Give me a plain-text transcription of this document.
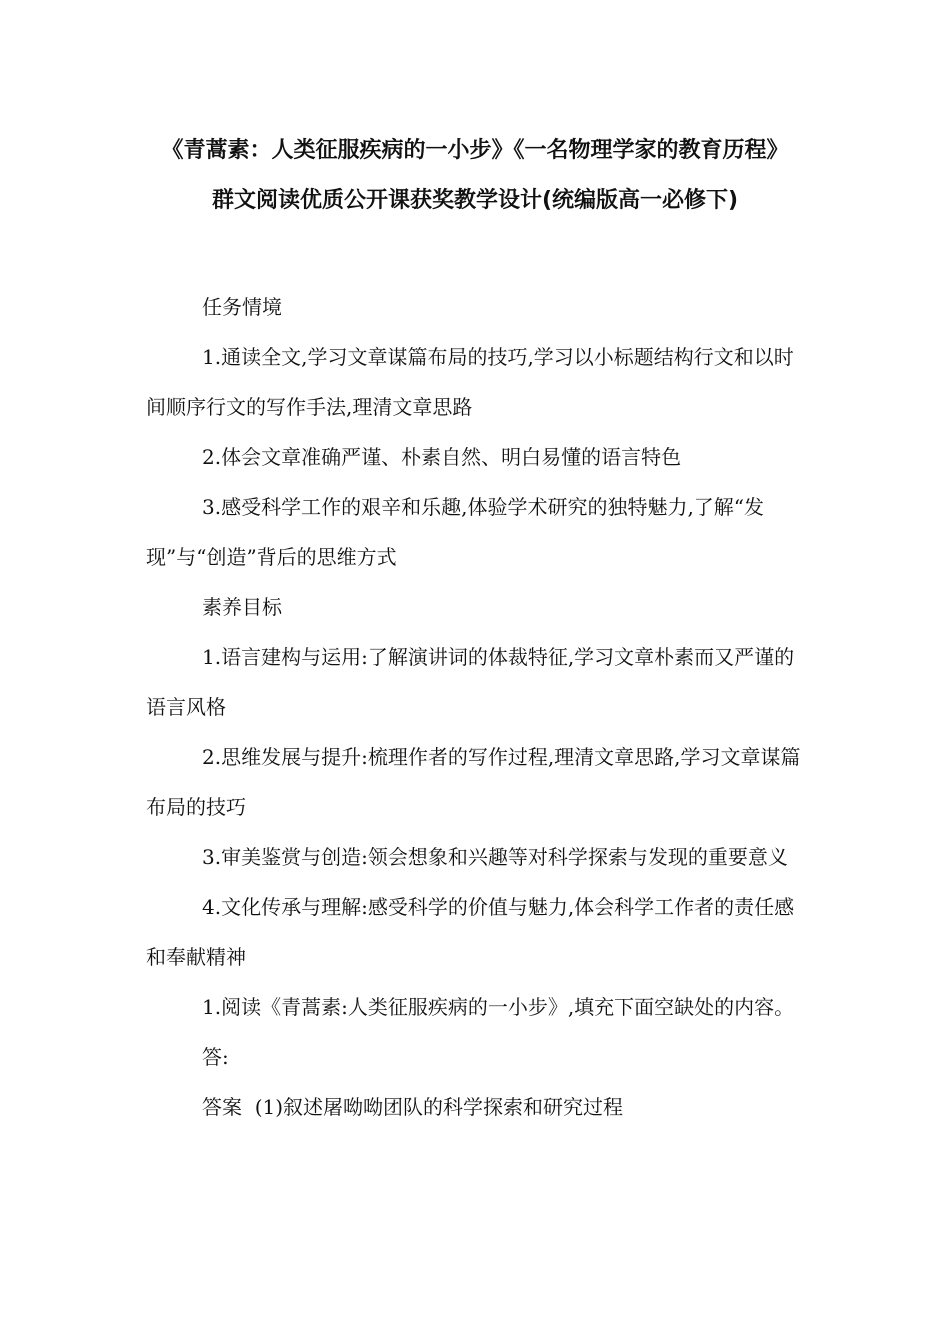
《青蒿素：人类征服疾病的一小步》《一名物理学家的教育历程》
群文阅读优质公开课获奖教学设计(统编版高一必修下)

任务情境

1.通读全文,学习文章谋篇布局的技巧,学习以小标题结构行文和以时间顺序行文的写作手法,理清文章思路

2.体会文章准确严谨、朴素自然、明白易懂的语言特色

3.感受科学工作的艰辛和乐趣,体验学术研究的独特魅力,了解“发现”与“创造”背后的思维方式

素养目标

1.语言建构与运用:了解演讲词的体裁特征,学习文章朴素而又严谨的语言风格

2.思维发展与提升:梳理作者的写作过程,理清文章思路,学习文章谋篇布局的技巧

3.审美鉴赏与创造:领会想象和兴趣等对科学探索与发现的重要意义

4.文化传承与理解:感受科学的价值与魅力,体会科学工作者的责任感和奉献精神

1.阅读《青蒿素:人类征服疾病的一小步》,填充下面空缺处的内容。

答:

答案  (1)叙述屠呦呦团队的科学探索和研究过程
